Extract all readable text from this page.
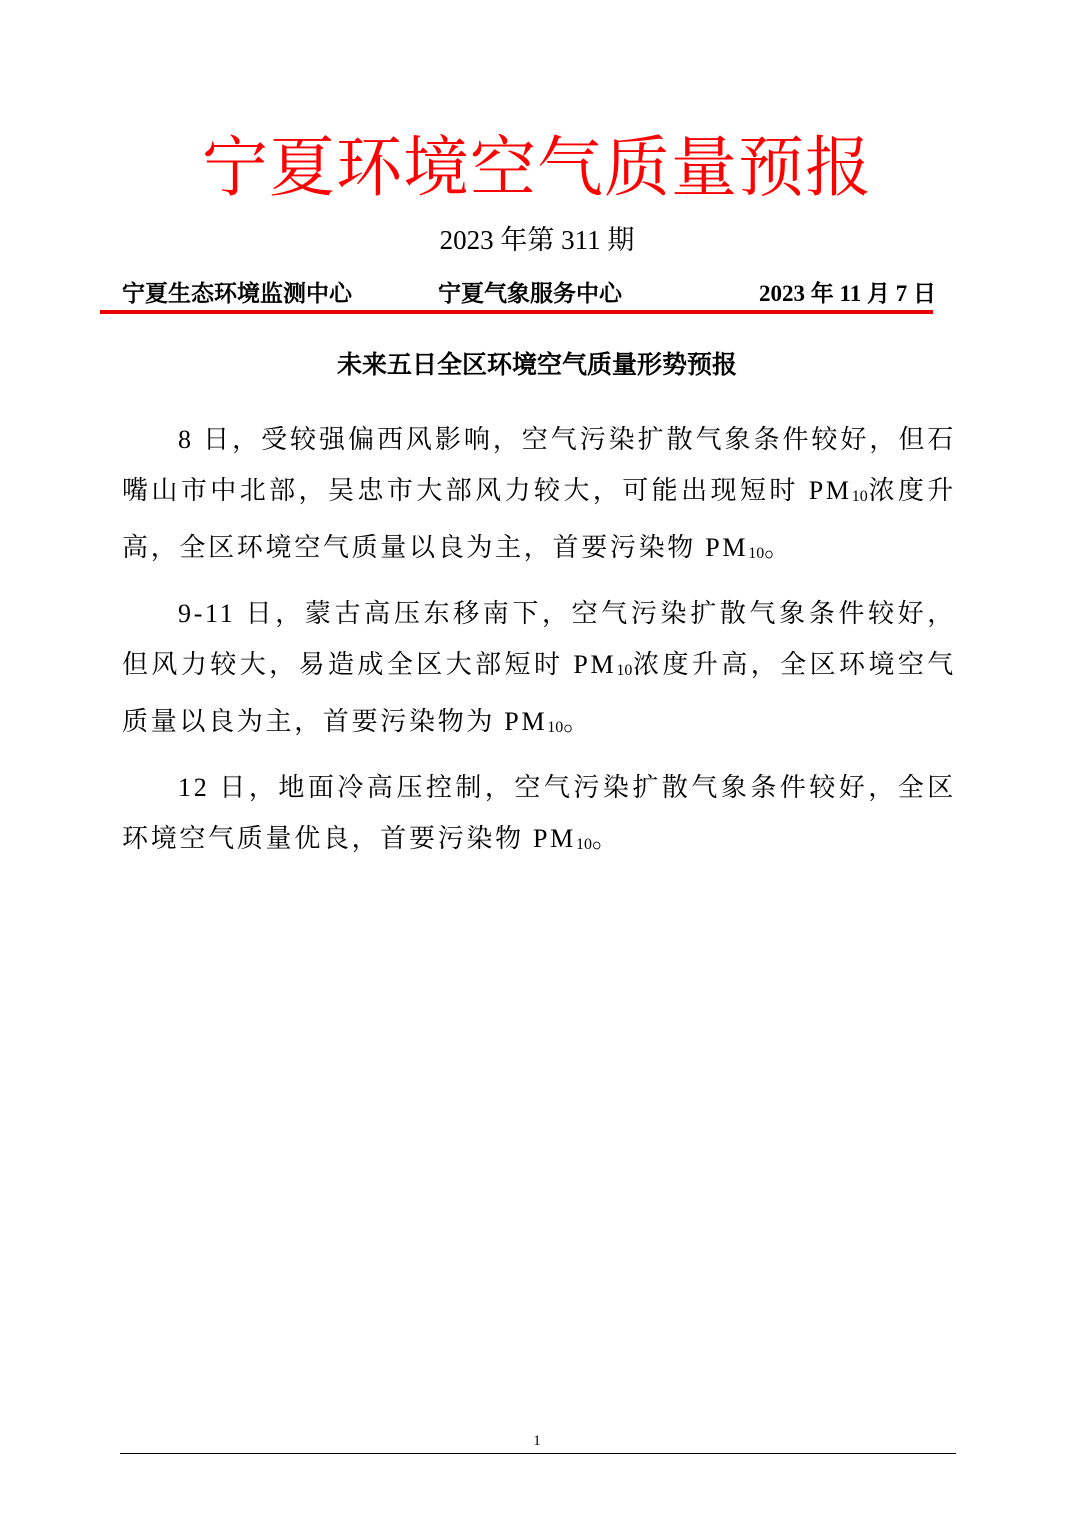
宁夏环境空气质量预报
2023 年第 311 期
宁夏生态环境监测中心	宁夏气象服务中心	2023 年 11 月 7 日
未来五日全区环境空气质量形势预报

8 日，受较强偏西风影响，空气污染扩散气象条件较好，但石嘴山市中北部，吴忠市大部风力较大，可能出现短时 $PM_{10}$浓度升高，全区环境空气质量以良为主，首要污染物 $PM_{10}$。

9-11 日，蒙古高压东移南下，空气污染扩散气象条件较好，但风力较大，易造成全区大部短时 $PM_{10}$浓度升高，全区环境空气质量以良为主，首要污染物为 $PM_{10}$。

12 日，地面冷高压控制，空气污染扩散气象条件较好，全区环境空气质量优良，首要污染物 $PM_{10}$。

1
